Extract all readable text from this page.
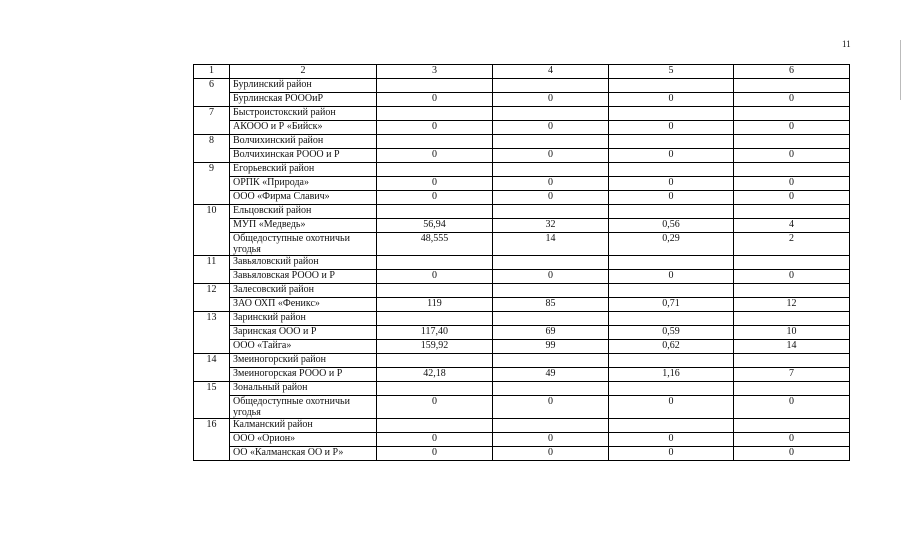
11
1	2	3	4	5	6
6	Бурлинский район				
	Бурлинская РОООиР	0	0	0	0
7	Быстроистокский район				
	АКООО и Р «Бийск»	0	0	0	0
8	Волчихинский район				
	Волчихинская РООО и Р	0	0	0	0
9	Егорьевский район				
	ОРПК «Природа»	0	0	0	0
	ООО «Фирма Славич»	0	0	0	0
10	Ельцовский район				
	МУП «Медведь»	56,94	32	0,56	4
	Общедоступные охотничьи угодья	48,555	14	0,29	2
11	Завьяловский район				
	Завьяловская РООО и Р	0	0	0	0
12	Залесовский район				
	ЗАО ОХП «Феникс»	119	85	0,71	12
13	Заринский район				
	Заринская ООО и Р	117,40	69	0,59	10
	ООО «Тайга»	159,92	99	0,62	14
14	Змеиногорский район				
	Змеиногорская РООО и Р	42,18	49	1,16	7
15	Зональный район				
	Общедоступные охотничьи угодья	0	0	0	0
16	Калманский район				
	ООО «Орион»	0	0	0	0
	ОО «Калманская ОО и Р»	0	0	0	0
